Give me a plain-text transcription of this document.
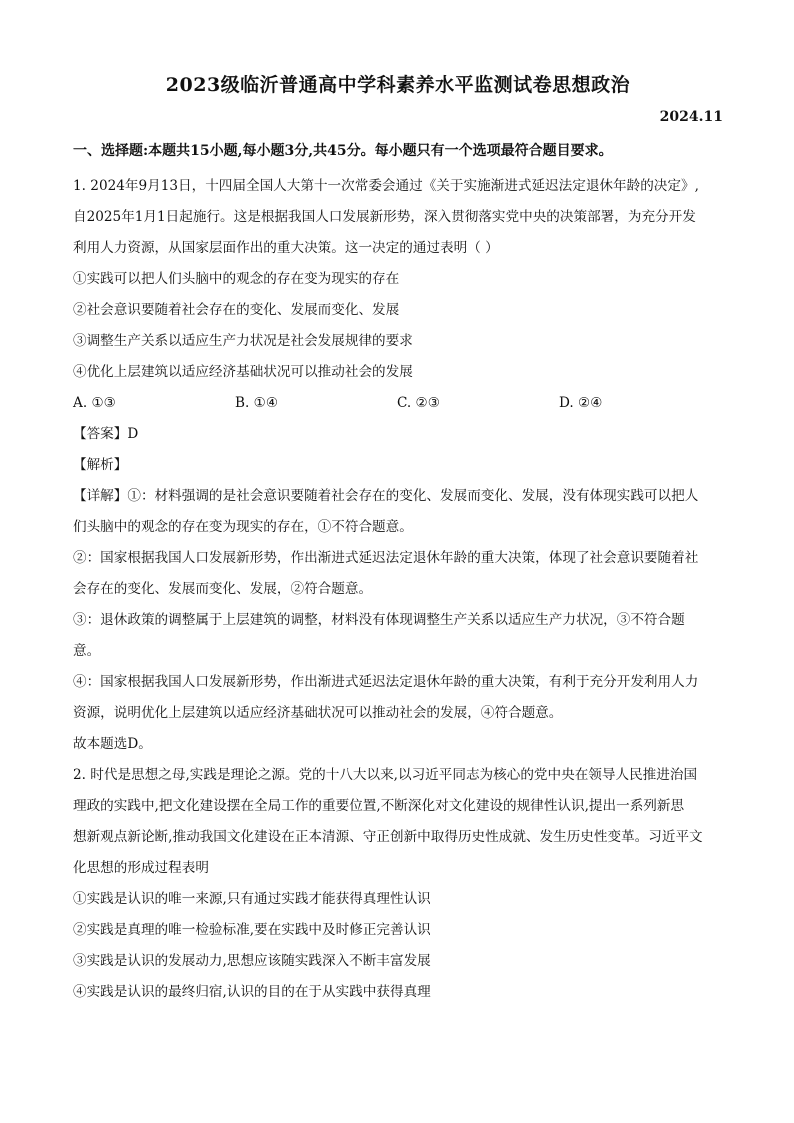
2023级临沂普通高中学科素养水平监测试卷思想政治
2024.11
一、选择题:本题共15小题,每小题3分,共45分。每小题只有一个选项最符合题目要求。

1. 2024年9月13日，十四届全国人大第十一次常委会通过《关于实施渐进式延迟法定退休年龄的决定》,

自2025年1月1日起施行。这是根据我国人口发展新形势，深入贯彻落实党中央的决策部署，为充分开发

利用人力资源，从国家层面作出的重大决策。这一决定的通过表明（ ）

①实践可以把人们头脑中的观念的存在变为现实的存在

②社会意识要随着社会存在的变化、发展而变化、发展

③调整生产关系以适应生产力状况是社会发展规律的要求

④优化上层建筑以适应经济基础状况可以推动社会的发展

A. ①③	B. ①④	C. ②③	D. ②④

【答案】D

【解析】

【详解】①：材料强调的是社会意识要随着社会存在的变化、发展而变化、发展，没有体现实践可以把人

们头脑中的观念的存在变为现实的存在，①不符合题意。

②：国家根据我国人口发展新形势，作出渐进式延迟法定退休年龄的重大决策，体现了社会意识要随着社

会存在的变化、发展而变化、发展，②符合题意。

③：退休政策的调整属于上层建筑的调整，材料没有体现调整生产关系以适应生产力状况，③不符合题

意。

④：国家根据我国人口发展新形势，作出渐进式延迟法定退休年龄的重大决策，有利于充分开发利用人力

资源，说明优化上层建筑以适应经济基础状况可以推动社会的发展，④符合题意。

故本题选D。

2. 时代是思想之母,实践是理论之源。党的十八大以来,以习近平同志为核心的党中央在领导人民推进治国

理政的实践中,把文化建设摆在全局工作的重要位置,不断深化对文化建设的规律性认识,提出一系列新思

想新观点新论断,推动我国文化建设在正本清源、守正创新中取得历史性成就、发生历史性变革。习近平文

化思想的形成过程表明

①实践是认识的唯一来源,只有通过实践才能获得真理性认识

②实践是真理的唯一检验标准,要在实践中及时修正完善认识

③实践是认识的发展动力,思想应该随实践深入不断丰富发展

④实践是认识的最终归宿,认识的目的在于从实践中获得真理
